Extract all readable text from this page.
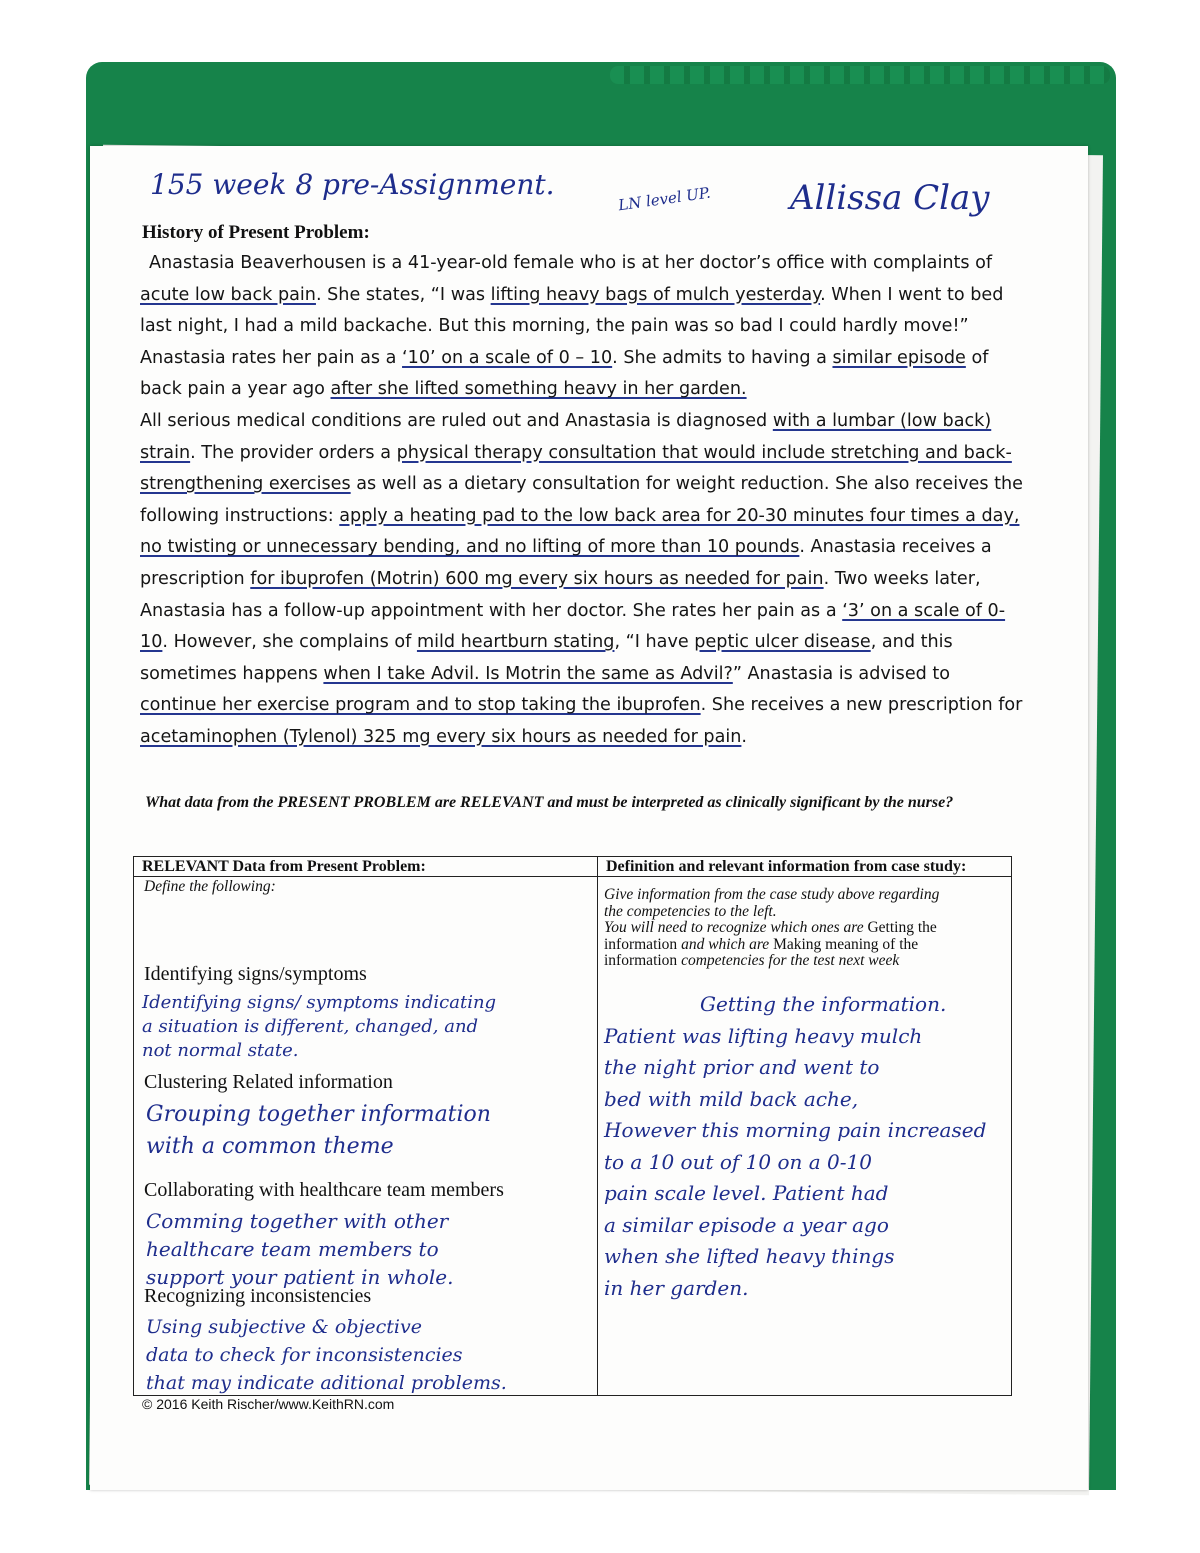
155 week 8 pre-Assignment.	LN level UP. Allissa Clay
History of Present Problem:

Anastasia Beaverhousen is a 41-year-old female who is at her doctor’s office with complaints of acute low back pain. She states, “I was lifting heavy bags of mulch yesterday. When I went to bed last night, I had a mild backache. But this morning, the pain was so bad I could hardly move!” Anastasia rates her pain as a ‘10’ on a scale of 0 – 10. She admits to having a similar episode of back pain a year ago after she lifted something heavy in her garden.

All serious medical conditions are ruled out and Anastasia is diagnosed with a lumbar (low back) strain. The provider orders a physical therapy consultation that would include stretching and back-strengthening exercises as well as a dietary consultation for weight reduction. She also receives the following instructions: apply a heating pad to the low back area for 20-30 minutes four times a day, no twisting or unnecessary bending, and no lifting of more than 10 pounds. Anastasia receives a prescription for ibuprofen (Motrin) 600 mg every six hours as needed for pain. Two weeks later, Anastasia has a follow-up appointment with her doctor. She rates her pain as a ‘3’ on a scale of 0-10. However, she complains of mild heartburn stating, “I have peptic ulcer disease, and this sometimes happens when I take Advil. Is Motrin the same as Advil?” Anastasia is advised to continue her exercise program and to stop taking the ibuprofen. She receives a new prescription for acetaminophen (Tylenol) 325 mg every six hours as needed for pain.

What data from the PRESENT PROBLEM are RELEVANT and must be interpreted as clinically significant by the nurse?
RELEVANT Data from Present Problem:
Define the following:
Identifying signs/symptoms
Identifying signs/ symptoms indicating
a situation is different, changed, and
not normal state.
Clustering Related information
Grouping together information
with a common theme
Collaborating with healthcare team members
Comming together with other
healthcare team members to
support your patient in whole.
Recognizing inconsistencies
Using subjective & objective
data to check for inconsistencies
that may indicate aditional problems.
Definition and relevant information from case study:
Give information from the case study above regarding
the competencies to the left.
You will need to recognize which ones are Getting the
information and which are Making meaning of the
information competencies for the test next week
Getting the information.
Patient was lifting heavy mulch
the night prior and went to
bed with mild back ache,
However this morning pain increased
to a 10 out of 10 on a 0-10
pain scale level. Patient had
a similar episode a year ago
when she lifted heavy things
in her garden.
© 2016 Keith Rischer/www.KeithRN.com
